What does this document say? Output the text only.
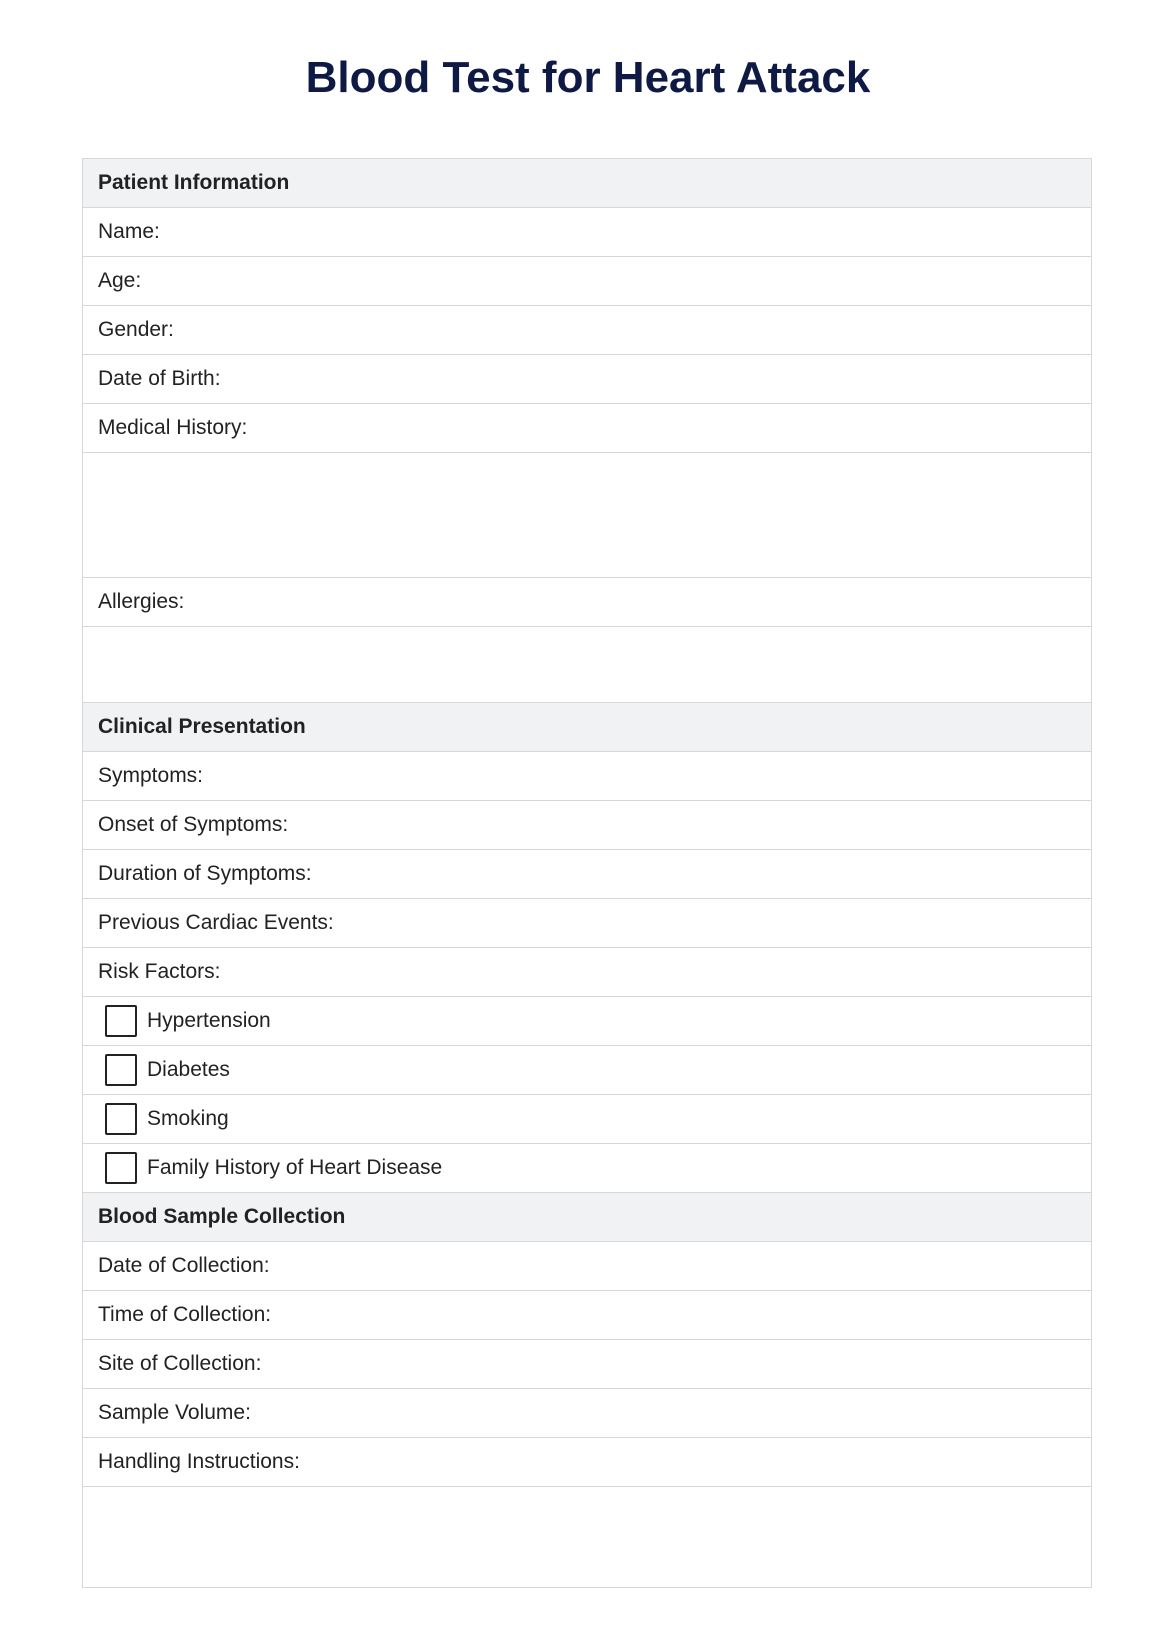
Blood Test for Heart Attack
Patient Information
Name:
Age:
Gender:
Date of Birth:
Medical History:
Allergies:
Clinical Presentation
Symptoms:
Onset of Symptoms:
Duration of Symptoms:
Previous Cardiac Events:
Risk Factors:
Hypertension
Diabetes
Smoking
Family History of Heart Disease
Blood Sample Collection
Date of Collection:
Time of Collection:
Site of Collection:
Sample Volume:
Handling Instructions:
